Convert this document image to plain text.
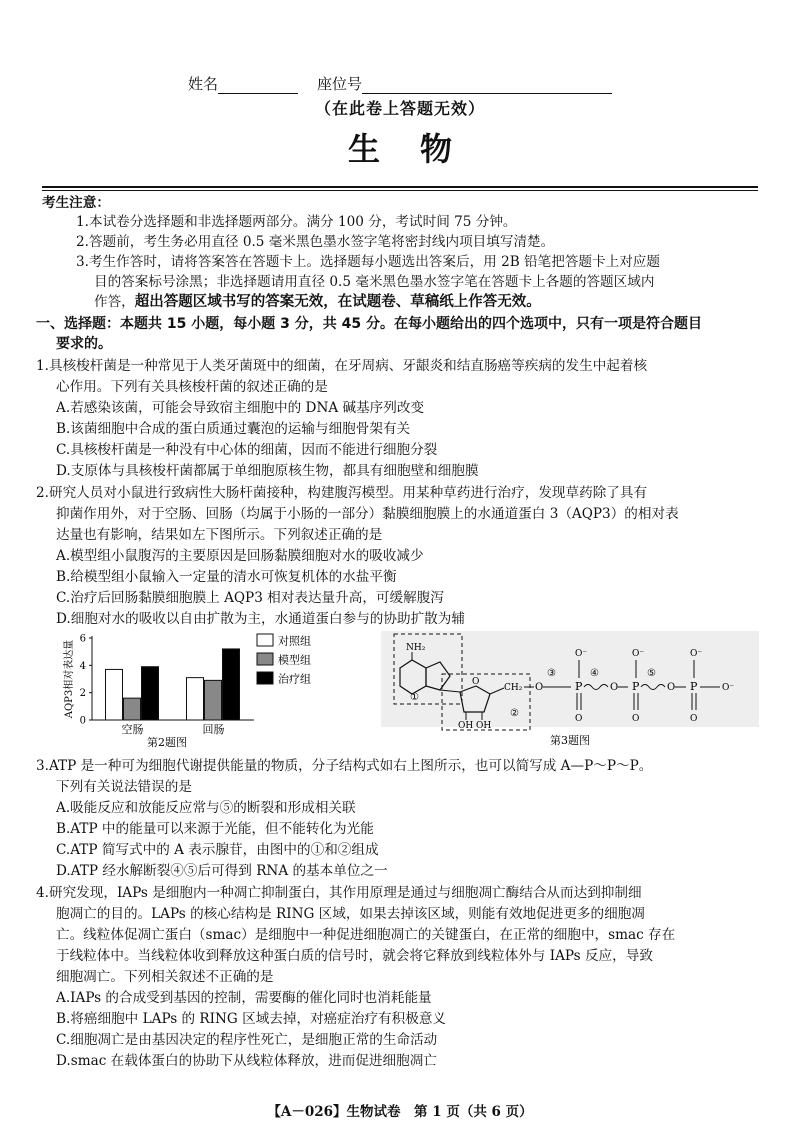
姓名	座位号
（在此卷上答题无效）
生物
考生注意：
1.本试卷分选择题和非选择题两部分。满分 100 分，考试时间 75 分钟。
2.答题前，考生务必用直径 0.5 毫米黑色墨水签字笔将密封线内项目填写清楚。
3.考生作答时，请将答案答在答题卡上。选择题每小题选出答案后，用 2B 铅笔把答题卡上对应题
目的答案标号涂黑；非选择题请用直径 0.5 毫米黑色墨水签字笔在答题卡上各题的答题区域内
作答，超出答题区域书写的答案无效，在试题卷、草稿纸上作答无效。
一、选择题：本题共 15 小题，每小题 3 分，共 45 分。在每小题给出的四个选项中，只有一项是符合题目
要求的。
1.具核梭杆菌是一种常见于人类牙菌斑中的细菌，在牙周病、牙龈炎和结直肠癌等疾病的发生中起着核
心作用。下列有关具核梭杆菌的叙述正确的是
A.若感染该菌，可能会导致宿主细胞中的 DNA 碱基序列改变
B.该菌细胞中合成的蛋白质通过囊泡的运输与细胞骨架有关
C.具核梭杆菌是一种没有中心体的细菌，因而不能进行细胞分裂
D.支原体与具核梭杆菌都属于单细胞原核生物，都具有细胞壁和细胞膜
2.研究人员对小鼠进行致病性大肠杆菌接种，构建腹泻模型。用某种草药进行治疗，发现草药除了具有
抑菌作用外，对于空肠、回肠（均属于小肠的一部分）黏膜细胞膜上的水通道蛋白 3（AQP3）的相对表
达量也有影响，结果如左下图所示。下列叙述正确的是
A.模型组小鼠腹泻的主要原因是回肠黏膜细胞对水的吸收减少
B.给模型组小鼠输入一定量的清水可恢复机体的水盐平衡
C.治疗后回肠黏膜细胞膜上 AQP3 相对表达量升高，可缓解腹泻
D.细胞对水的吸收以自由扩散为主，水通道蛋白参与的协助扩散为辅
0
2
4
6
AQP3相对表达量
空肠	回肠
对照组
模型组
治疗组
第2题图
NH₂
①
O
CH₂
OH OH
②
O
③
P
O⁻
O
O
④
P
O⁻
O
O
⑤
P
O⁻
O
O⁻
第3题图
3.ATP 是一种可为细胞代谢提供能量的物质，分子结构式如右上图所示，也可以简写成 A—P～P～P。
下列有关说法错误的是
A.吸能反应和放能反应常与⑤的断裂和形成相关联
B.ATP 中的能量可以来源于光能，但不能转化为光能
C.ATP 简写式中的 A 表示腺苷，由图中的①和②组成
D.ATP 经水解断裂④⑤后可得到 RNA 的基本单位之一
4.研究发现，IAPs 是细胞内一种凋亡抑制蛋白，其作用原理是通过与细胞凋亡酶结合从而达到抑制细
胞凋亡的目的。LAPs 的核心结构是 RING 区域，如果去掉该区域，则能有效地促进更多的细胞凋
亡。线粒体促凋亡蛋白（smac）是细胞中一种促进细胞凋亡的关键蛋白，在正常的细胞中，smac 存在
于线粒体中。当线粒体收到释放这种蛋白质的信号时，就会将它释放到线粒体外与 IAPs 反应，导致
细胞凋亡。下列相关叙述不正确的是
A.IAPs 的合成受到基因的控制，需要酶的催化同时也消耗能量
B.将癌细胞中 LAPs 的 RING 区域去掉，对癌症治疗有积极意义
C.细胞凋亡是由基因决定的程序性死亡，是细胞正常的生命活动
D.smac 在载体蛋白的协助下从线粒体释放，进而促进细胞凋亡
【A－026】生物试卷　第 1 页（共 6 页）
